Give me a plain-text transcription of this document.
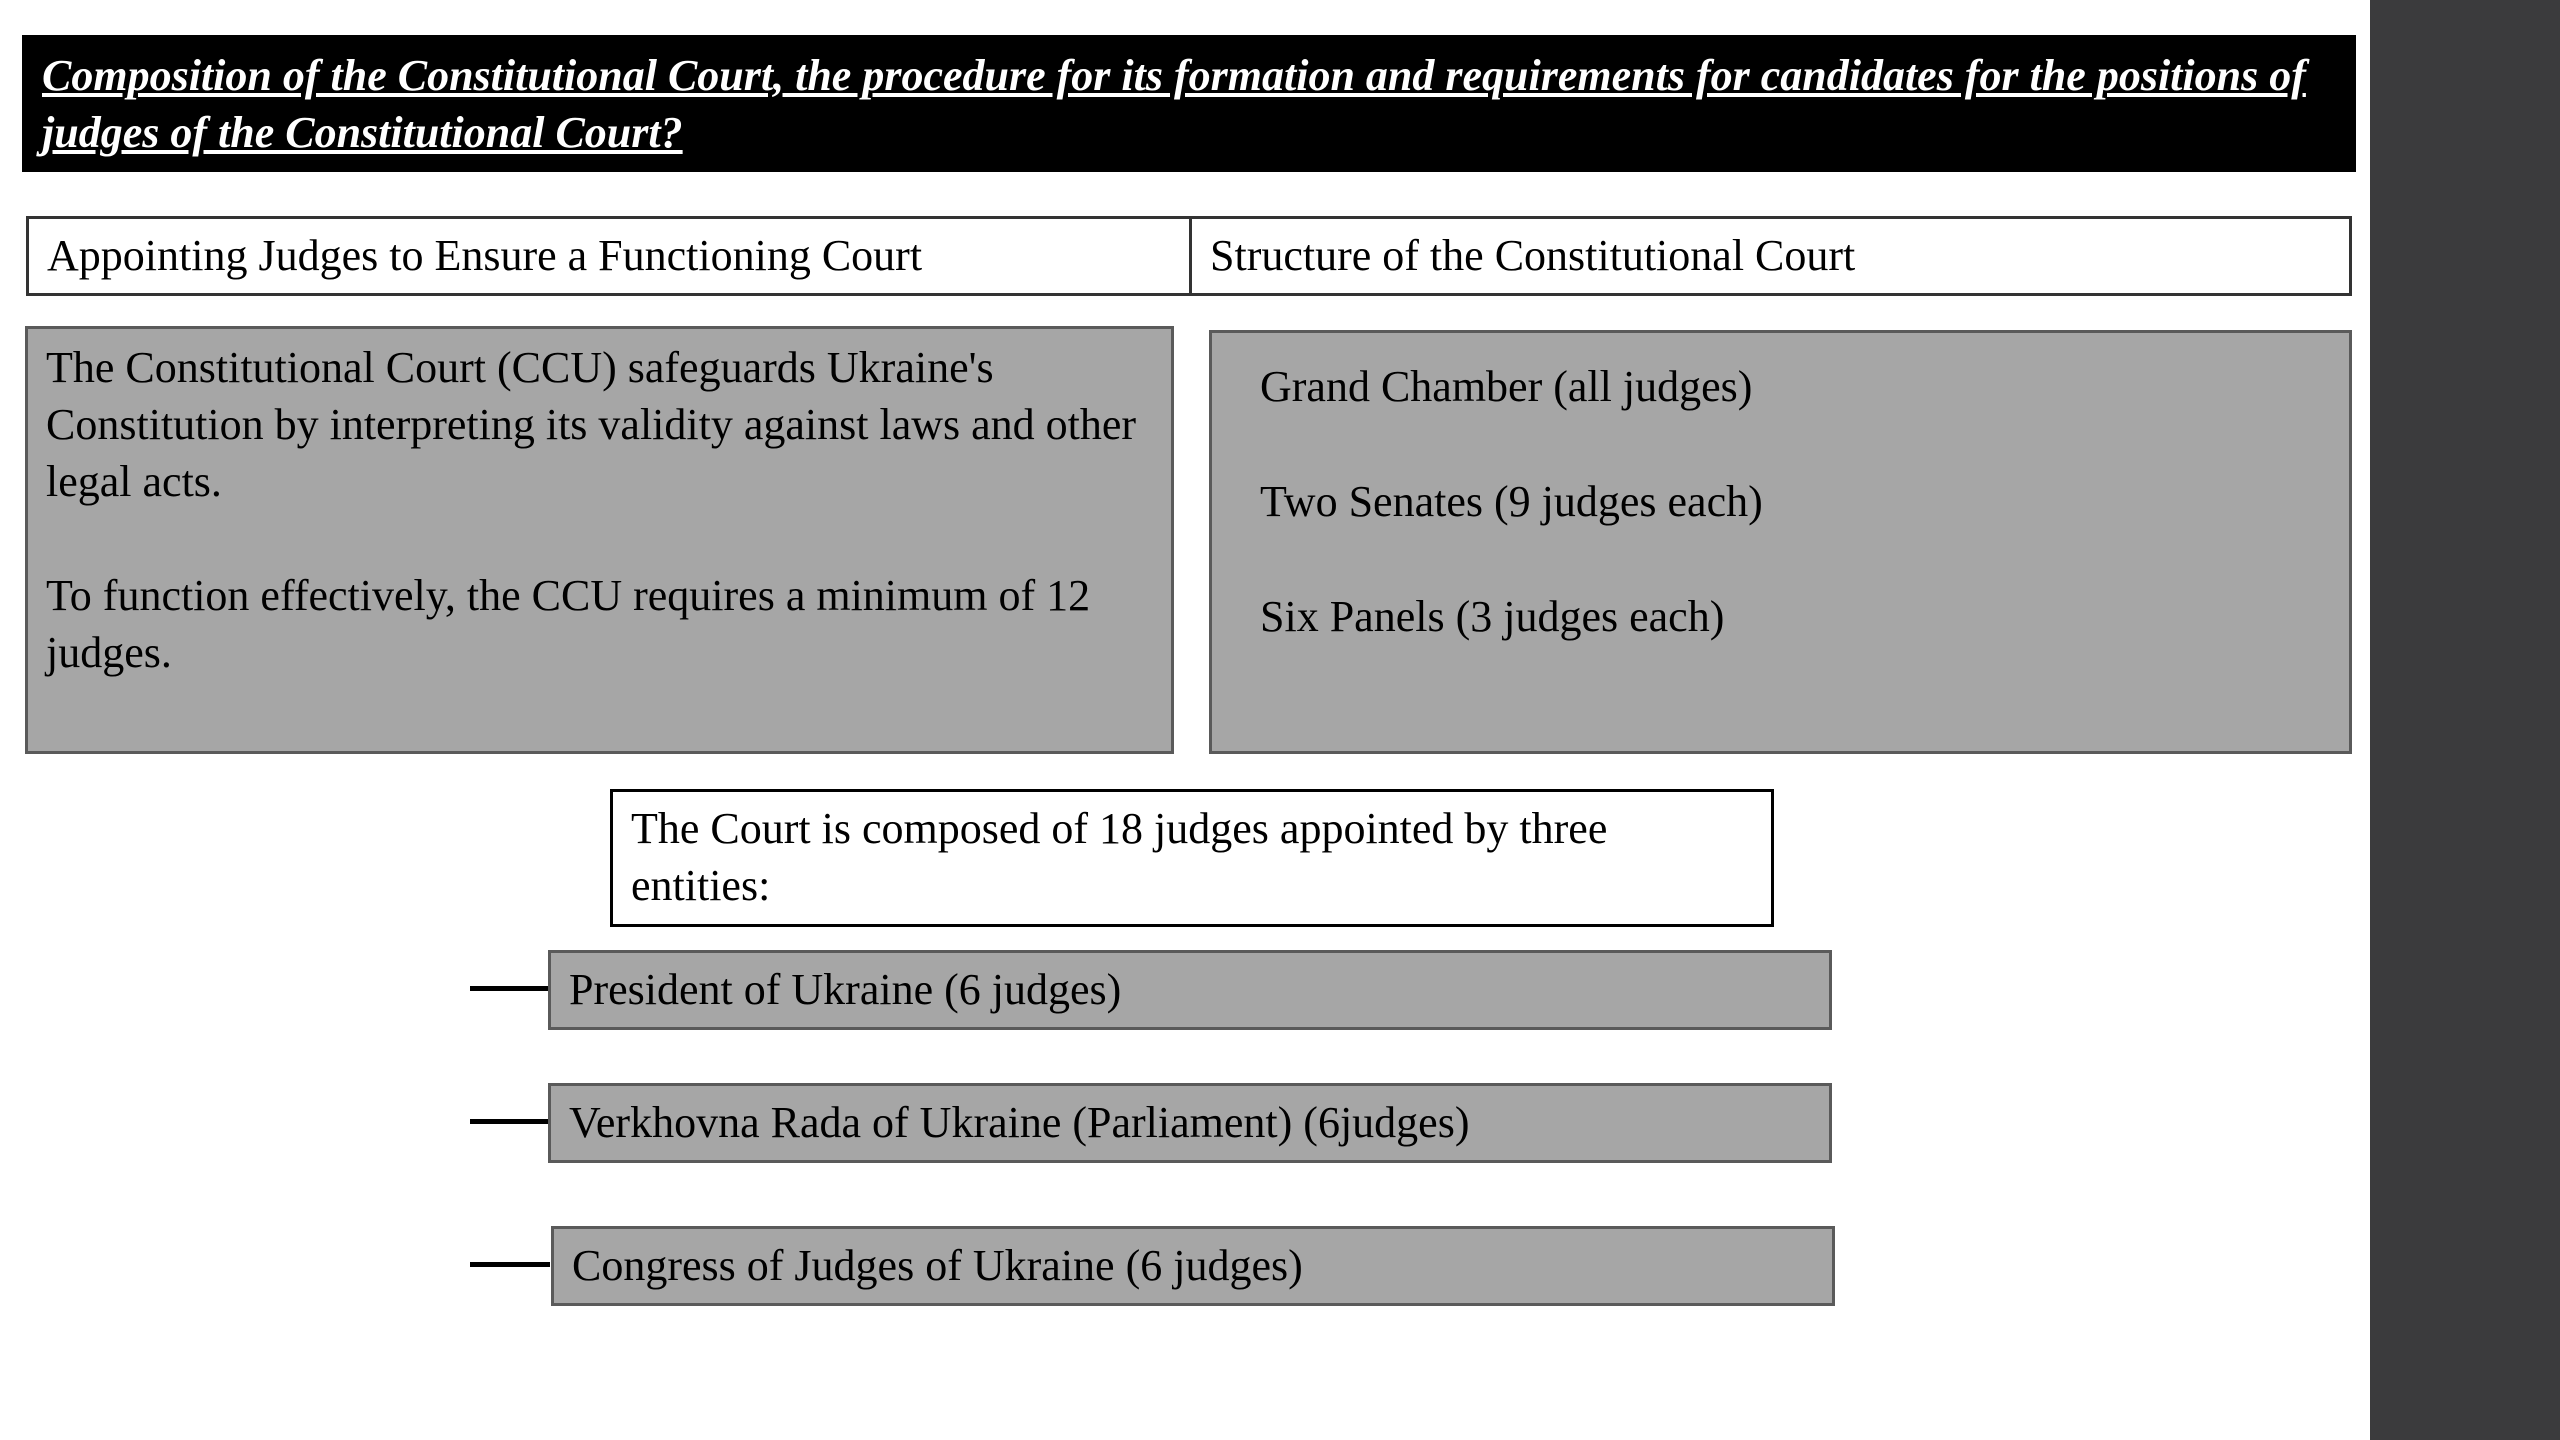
Composition of the Constitutional Court, the procedure for its formation and requirements for candidates for the positions of judges of the Constitutional Court?

Appointing Judges to Ensure a Functioning Court	Structure of the Constitutional Court

The Constitutional Court (CCU) safeguards Ukraine's Constitution by interpreting its validity against laws and other legal acts.

To function effectively, the CCU requires a minimum of 12 judges.

Grand Chamber (all judges)

Two Senates (9 judges each)

Six Panels (3 judges each)

The Court is composed of 18 judges appointed by three entities:
President of Ukraine (6 judges)
Verkhovna Rada of Ukraine (Parliament) (6judges)
Congress of Judges of Ukraine (6 judges)
